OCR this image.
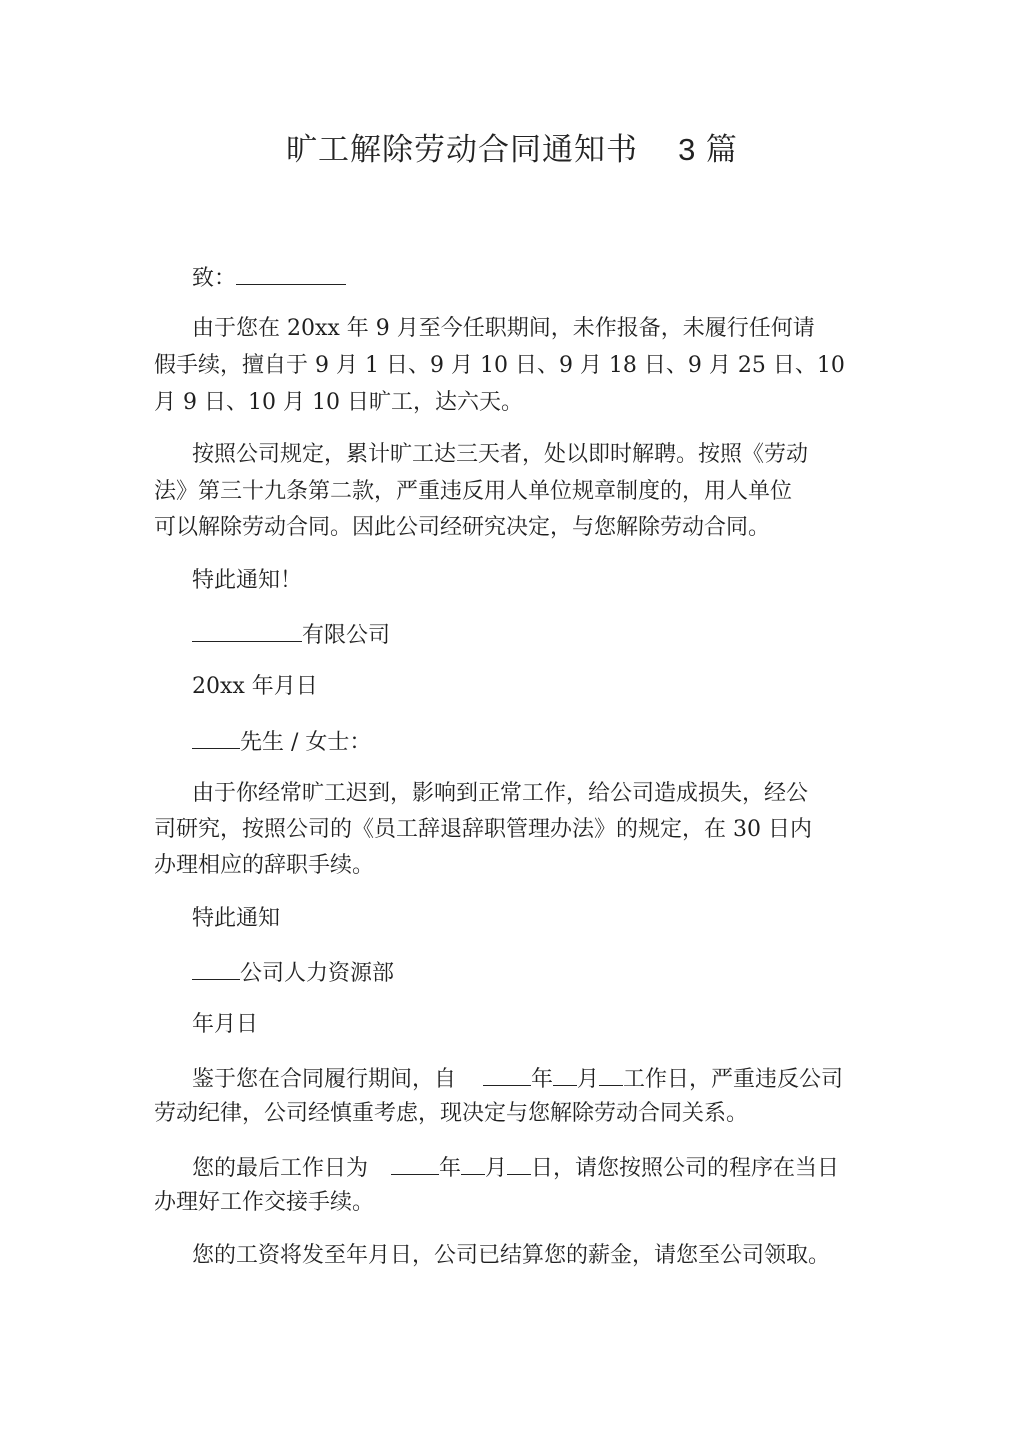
旷工解除劳动合同通知书 3 篇
致：
由于您在 20xx 年 9 月至今任职期间，未作报备，未履行任何请
假手续，擅自于 9 月 1 日、9 月 10 日、9 月 18 日、9 月 25 日、10
月 9 日、10 月 10 日旷工，达六天。
按照公司规定，累计旷工达三天者，处以即时解聘。按照《劳动
法》第三十九条第二款，严重违反用人单位规章制度的，用人单位
可以解除劳动合同。因此公司经研究决定，与您解除劳动合同。
特此通知！
有限公司
20xx 年月日
先生 / 女士：
由于你经常旷工迟到，影响到正常工作，给公司造成损失，经公
司研究，按照公司的《员工辞退辞职管理办法》的规定，在 30 日内
办理相应的辞职手续。
特此通知
公司人力资源部
年月日
鉴于您在合同履行期间，自	年 月 工作日，严重违反公司
劳动纪律，公司经慎重考虑，现决定与您解除劳动合同关系。
您的最后工作日为	年 月 日，请您按照公司的程序在当日
办理好工作交接手续。
您的工资将发至年月日，公司已结算您的薪金，请您至公司领取。
